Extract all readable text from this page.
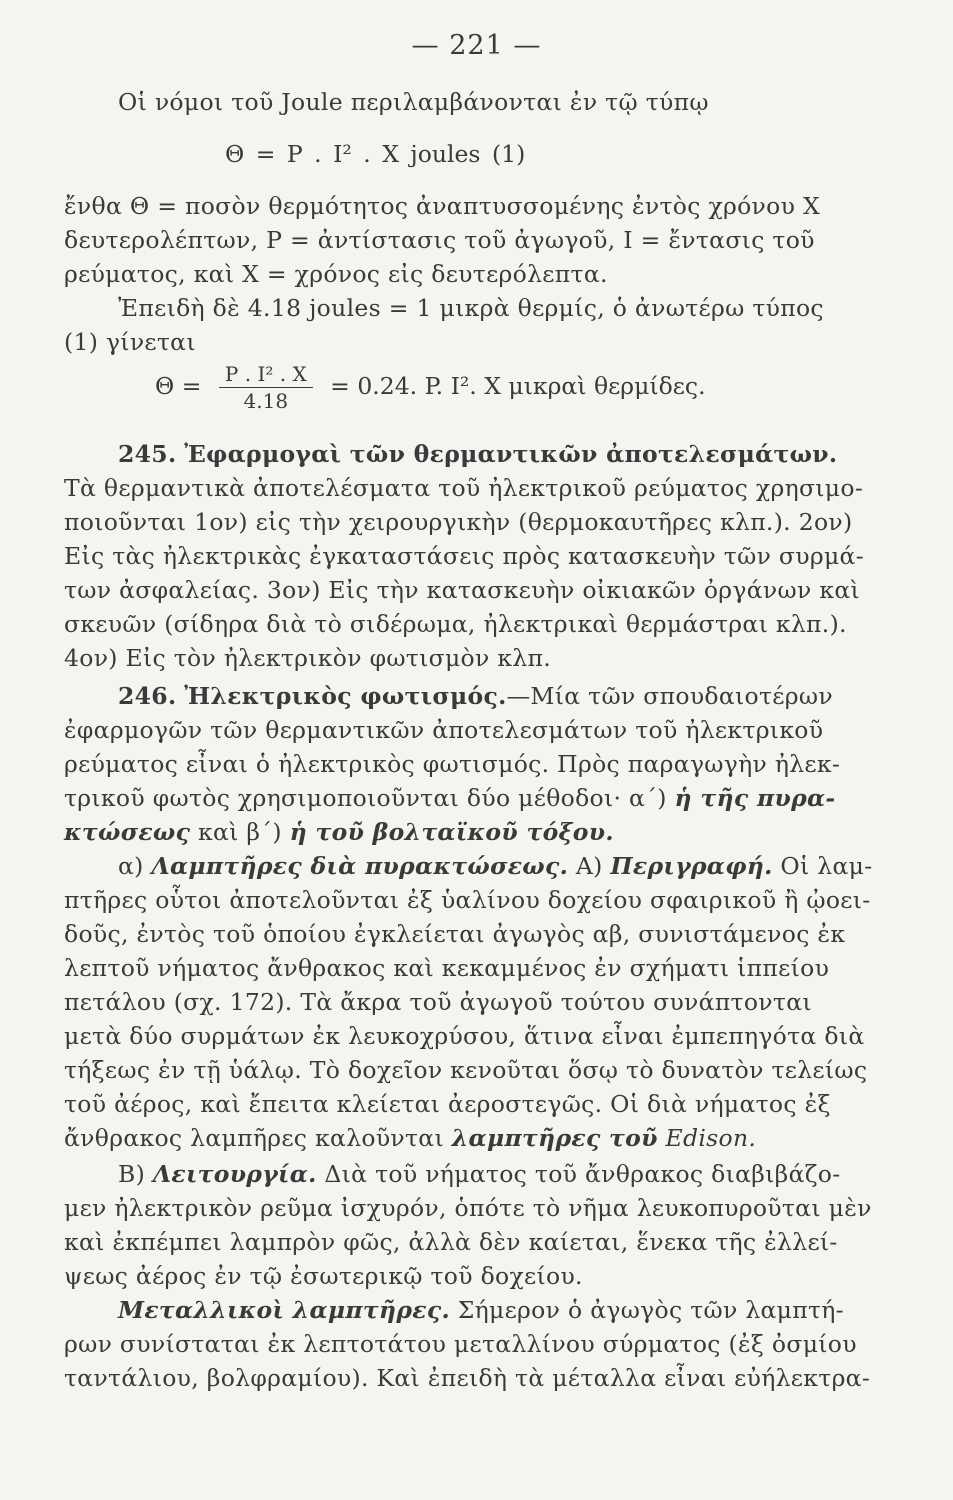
— 221 —
Οἱ νόμοι τοῦ Joule περιλαμβάνονται ἐν τῷ τύπῳ
Θ = P . I² . X joules (1)
ἔνθα Θ = ποσὸν θερμότητος ἀναπτυσσομένης ἐντὸς χρόνου X
δευτερολέπτων, P = ἀντίστασις τοῦ ἀγωγοῦ, I = ἔντασις τοῦ
ρεύματος, καὶ X = χρόνος εἰς δευτερόλεπτα.
Ἐπειδὴ δὲ 4.18 joules = 1 μικρὰ θερμίς, ὁ ἀνωτέρω τύπος
(1) γίνεται
$\Theta = \frac{\text{P . I² . X}}{4.18} = 0.24$. P. I². X μικραὶ θερμίδες.
245. Ἐφαρμογαὶ τῶν θερμαντικῶν ἀποτελεσμάτων.
Τὰ θερμαντικὰ ἀποτελέσματα τοῦ ἠλεκτρικοῦ ρεύματος χρησιμο-
ποιοῦνται 1ον) εἰς τὴν χειρουργικὴν (θερμοκαυτῆρες κλπ.). 2ον)
Εἰς τὰς ἠλεκτρικὰς ἐγκαταστάσεις πρὸς κατασκευὴν τῶν συρμά-
των ἀσφαλείας. 3ον) Εἰς τὴν κατασκευὴν οἰκιακῶν ὀργάνων καὶ
σκευῶν (σίδηρα διὰ τὸ σιδέρωμα, ἠλεκτρικαὶ θερμάστραι κλπ.).
4ον) Εἰς τὸν ἠλεκτρικὸν φωτισμὸν κλπ.
246. Ἠλεκτρικὸς φωτισμός.—Μία τῶν σπουδαιοτέρων
ἐφαρμογῶν τῶν θερμαντικῶν ἀποτελεσμάτων τοῦ ἠλεκτρικοῦ
ρεύματος εἶναι ὁ ἠλεκτρικὸς φωτισμός. Πρὸς παραγωγὴν ἠλεκ-
τρικοῦ φωτὸς χρησιμοποιοῦνται δύο μέθοδοι· α΄) ἡ τῆς πυρα-
κτώσεως καὶ β΄) ἡ τοῦ βολταϊκοῦ τόξου.
α) Λαμπτῆρες διὰ πυρακτώσεως. Α) Περιγραφή. Οἱ λαμ-
πτῆρες οὗτοι ἀποτελοῦνται ἐξ ὑαλίνου δοχείου σφαιρικοῦ ἢ ᾠοει-
δοῦς, ἐντὸς τοῦ ὁποίου ἐγκλείεται ἀγωγὸς αβ, συνιστάμενος ἐκ
λεπτοῦ νήματος ἄνθρακος καὶ κεκαμμένος ἐν σχήματι ἱππείου
πετάλου (σχ. 172). Τὰ ἄκρα τοῦ ἀγωγοῦ τούτου συνάπτονται
μετὰ δύο συρμάτων ἐκ λευκοχρύσου, ἅτινα εἶναι ἐμπεπηγότα διὰ
τήξεως ἐν τῇ ὑάλῳ. Τὸ δοχεῖον κενοῦται ὅσῳ τὸ δυνατὸν τελείως
τοῦ ἀέρος, καὶ ἔπειτα κλείεται ἀεροστεγῶς. Οἱ διὰ νήματος ἐξ
ἄνθρακος λαμπῆρες καλοῦνται λαμπτῆρες τοῦ Edison.
Β) Λειτουργία. Διὰ τοῦ νήματος τοῦ ἄνθρακος διαβιβάζο-
μεν ἠλεκτρικὸν ρεῦμα ἰσχυρόν, ὁπότε τὸ νῆμα λευκοπυροῦται μὲν
καὶ ἐκπέμπει λαμπρὸν φῶς, ἀλλὰ δὲν καίεται, ἕνεκα τῆς ἐλλεί-
ψεως ἀέρος ἐν τῷ ἐσωτερικῷ τοῦ δοχείου.
Μεταλλικοὶ λαμπτῆρες. Σήμερον ὁ ἀγωγὸς τῶν λαμπτή-
ρων συνίσταται ἐκ λεπτοτάτου μεταλλίνου σύρματος (ἐξ ὀσμίου
ταντάλιου, βολφραμίου). Καὶ ἐπειδὴ τὰ μέταλλα εἶναι εὐήλεκτρα-
